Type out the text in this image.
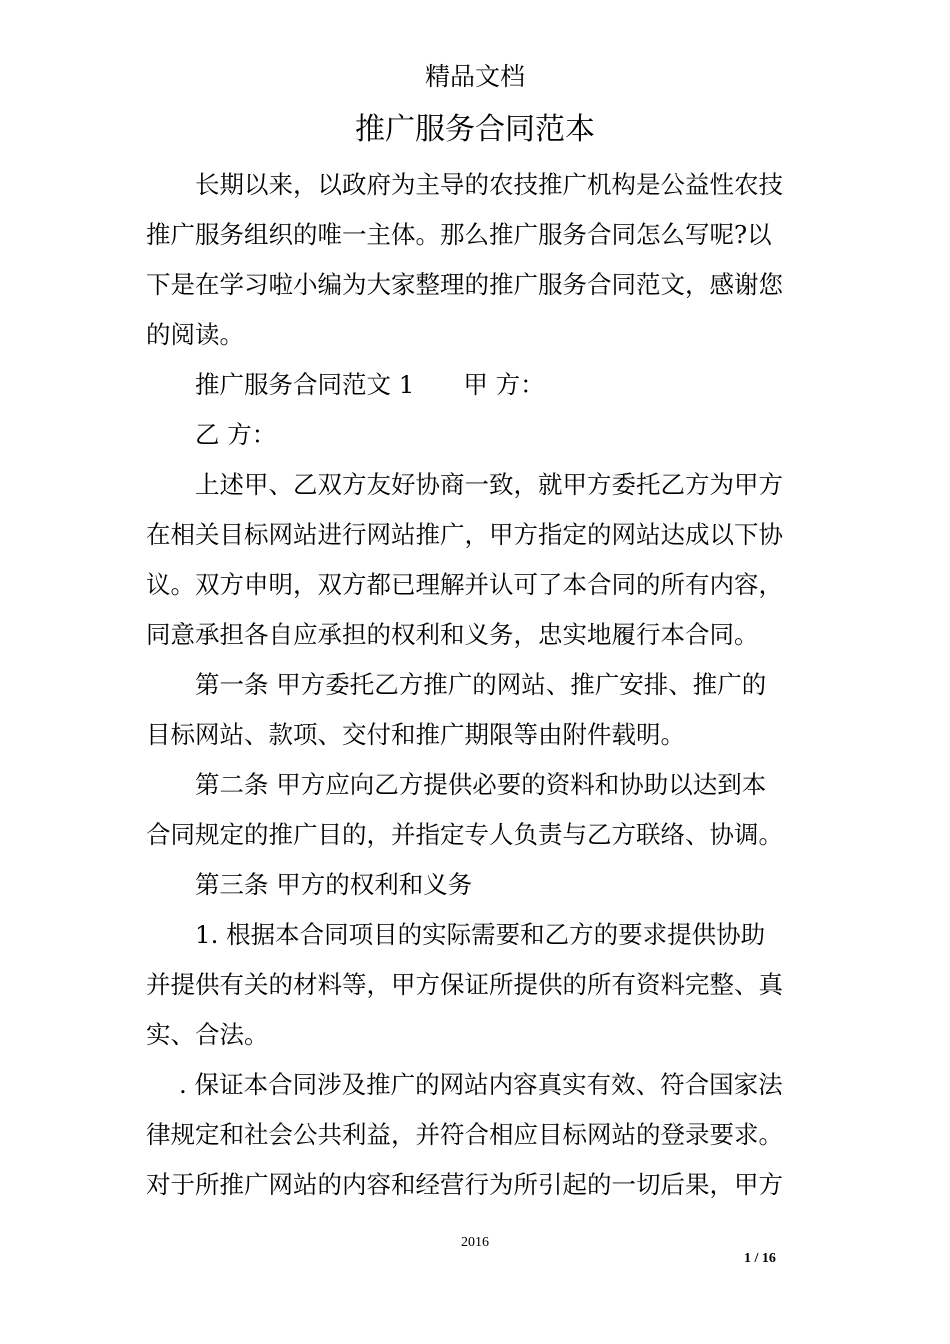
精品文档
推广服务合同范本

长期以来，以政府为主导的农技推广机构是公益性农技

推广服务组织的唯一主体。那么推广服务合同怎么写呢?以

下是在学习啦小编为大家整理的推广服务合同范文，感谢您

的阅读。

推广服务合同范文 1　　甲 方：

乙 方：

上述甲、乙双方友好协商一致，就甲方委托乙方为甲方

在相关目标网站进行网站推广，甲方指定的网站达成以下协

议。双方申明，双方都已理解并认可了本合同的所有内容，

同意承担各自应承担的权利和义务，忠实地履行本合同。

第一条 甲方委托乙方推广的网站、推广安排、推广的

目标网站、款项、交付和推广期限等由附件载明。

第二条 甲方应向乙方提供必要的资料和协助以达到本

合同规定的推广目的，并指定专人负责与乙方联络、协调。

第三条 甲方的权利和义务

1. 根据本合同项目的实际需要和乙方的要求提供协助

并提供有关的材料等，甲方保证所提供的所有资料完整、真

实、合法。

. 保证本合同涉及推广的网站内容真实有效、符合国家法

律规定和社会公共利益，并符合相应目标网站的登录要求。

对于所推广网站的内容和经营行为所引起的一切后果，甲方

2016
1 / 16
